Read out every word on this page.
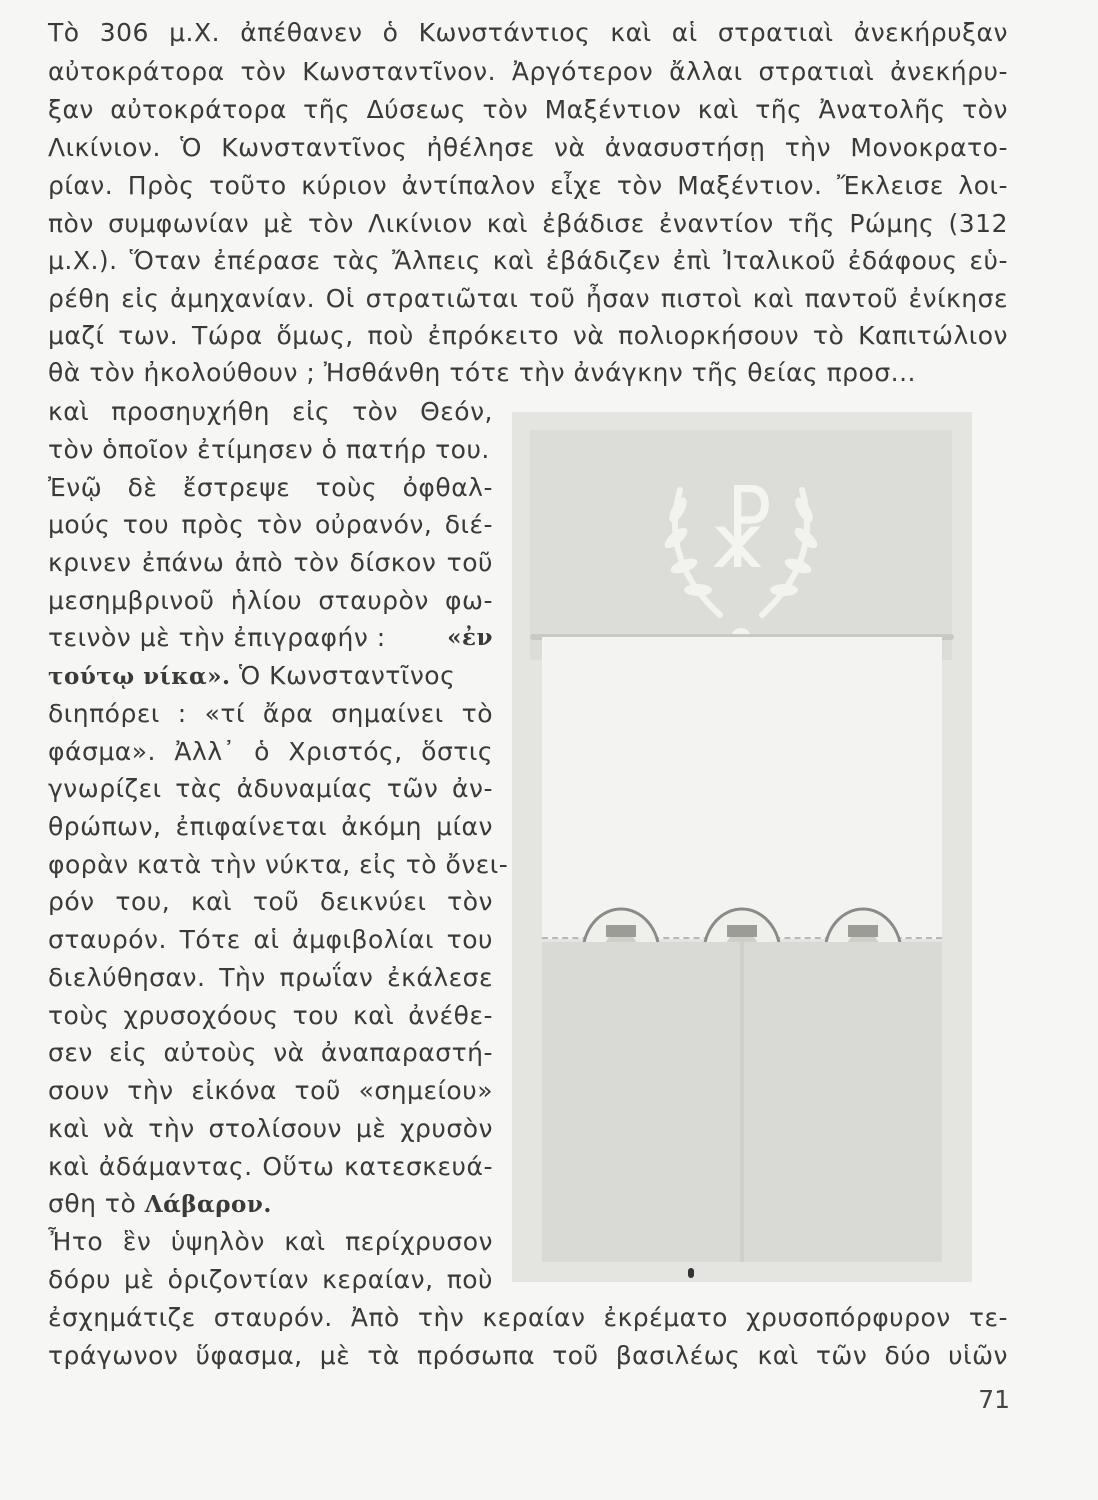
Τὸ 306 μ.Χ. ἀπέθανεν ὁ Κωνστάντιος καὶ αἱ στρατιαὶ ἀνεκήρυξαν
αὐτοκράτορα τὸν Κωνσταντῖνον. Ἀργότερον ἄλλαι στρατιαὶ ἀνεκήρυ-
ξαν αὐτοκράτορα τῆς Δύσεως τὸν Μαξέντιον καὶ τῆς Ἀνατολῆς τὸν
Λικίνιον. Ὁ Κωνσταντῖνος ἠθέλησε νὰ ἀνασυστήσῃ τὴν Μονοκρατο-
ρίαν. Πρὸς τοῦτο κύριον ἀντίπαλον εἶχε τὸν Μαξέντιον. Ἔκλεισε λοι-
πὸν συμφωνίαν μὲ τὸν Λικίνιον καὶ ἐβάδισε ἐναντίον τῆς Ρώμης (312
μ.Χ.). Ὅταν ἐπέρασε τὰς Ἄλπεις καὶ ἐβάδιζεν ἐπὶ Ἰταλικοῦ ἐδάφους εὑ-
ρέθη εἰς ἀμηχανίαν. Οἱ στρατιῶται τοῦ ἦσαν πιστοὶ καὶ παντοῦ ἐνίκησε
μαζί των. Τώρα ὅμως, ποὺ ἐπρόκειτο νὰ πολιορκήσουν τὸ Καπιτώλιον
θὰ τὸν ἠκολούθουν ; Ἠσθάνθη τότε τὴν ἀνάγκην τῆς θείας προσ...
καὶ προσηυχήθη εἰς τὸν Θεόν,
τὸν ὁποῖον ἐτίμησεν ὁ πατήρ του.
Ἐνῷ δὲ ἔστρεψε τοὺς ὀφθαλ-
μούς του πρὸς τὸν οὐρανόν, διέ-
κρινεν ἐπάνω ἀπὸ τὸν δίσκον τοῦ
μεσημβρινοῦ ἡλίου σταυρὸν φω-
τεινὸν μὲ τὴν ἐπιγραφήν :	«ἐν
τούτῳ νίκα». Ὁ Κωνσταντῖνος
διηπόρει : «τί ἄρα σημαίνει τὸ
φάσμα». Ἀλλ᾽ ὁ Χριστός, ὅστις
γνωρίζει τὰς ἀδυναμίας τῶν ἀν-
θρώπων, ἐπιφαίνεται ἀκόμη μίαν
φορὰν κατὰ τὴν νύκτα, εἰς τὸ ὄνει-
ρόν του, καὶ τοῦ δεικνύει τὸν
σταυρόν. Τότε αἱ ἀμφιβολίαι του
διελύθησαν. Τὴν πρωΐαν ἐκάλεσε
τοὺς χρυσοχόους του καὶ ἀνέθε-
σεν εἰς αὐτοὺς νὰ ἀναπαραστή-
σουν τὴν εἰκόνα τοῦ «σημείου»
καὶ νὰ τὴν στολίσουν μὲ χρυσὸν
καὶ ἀδάμαντας. Οὕτω κατεσκευά-
σθη τὸ Λάβαρον.
Ἦτο ἓν ὑψηλὸν καὶ περίχρυσον
δόρυ μὲ ὁριζοντίαν κεραίαν, ποὺ
ἐσχημάτιζε σταυρόν. Ἀπὸ τὴν κεραίαν ἐκρέματο χρυσοπόρφυρον τε-
τράγωνον ὕφασμα, μὲ τὰ πρόσωπα τοῦ βασιλέως καὶ τῶν δύο υἱῶν
☧
71
